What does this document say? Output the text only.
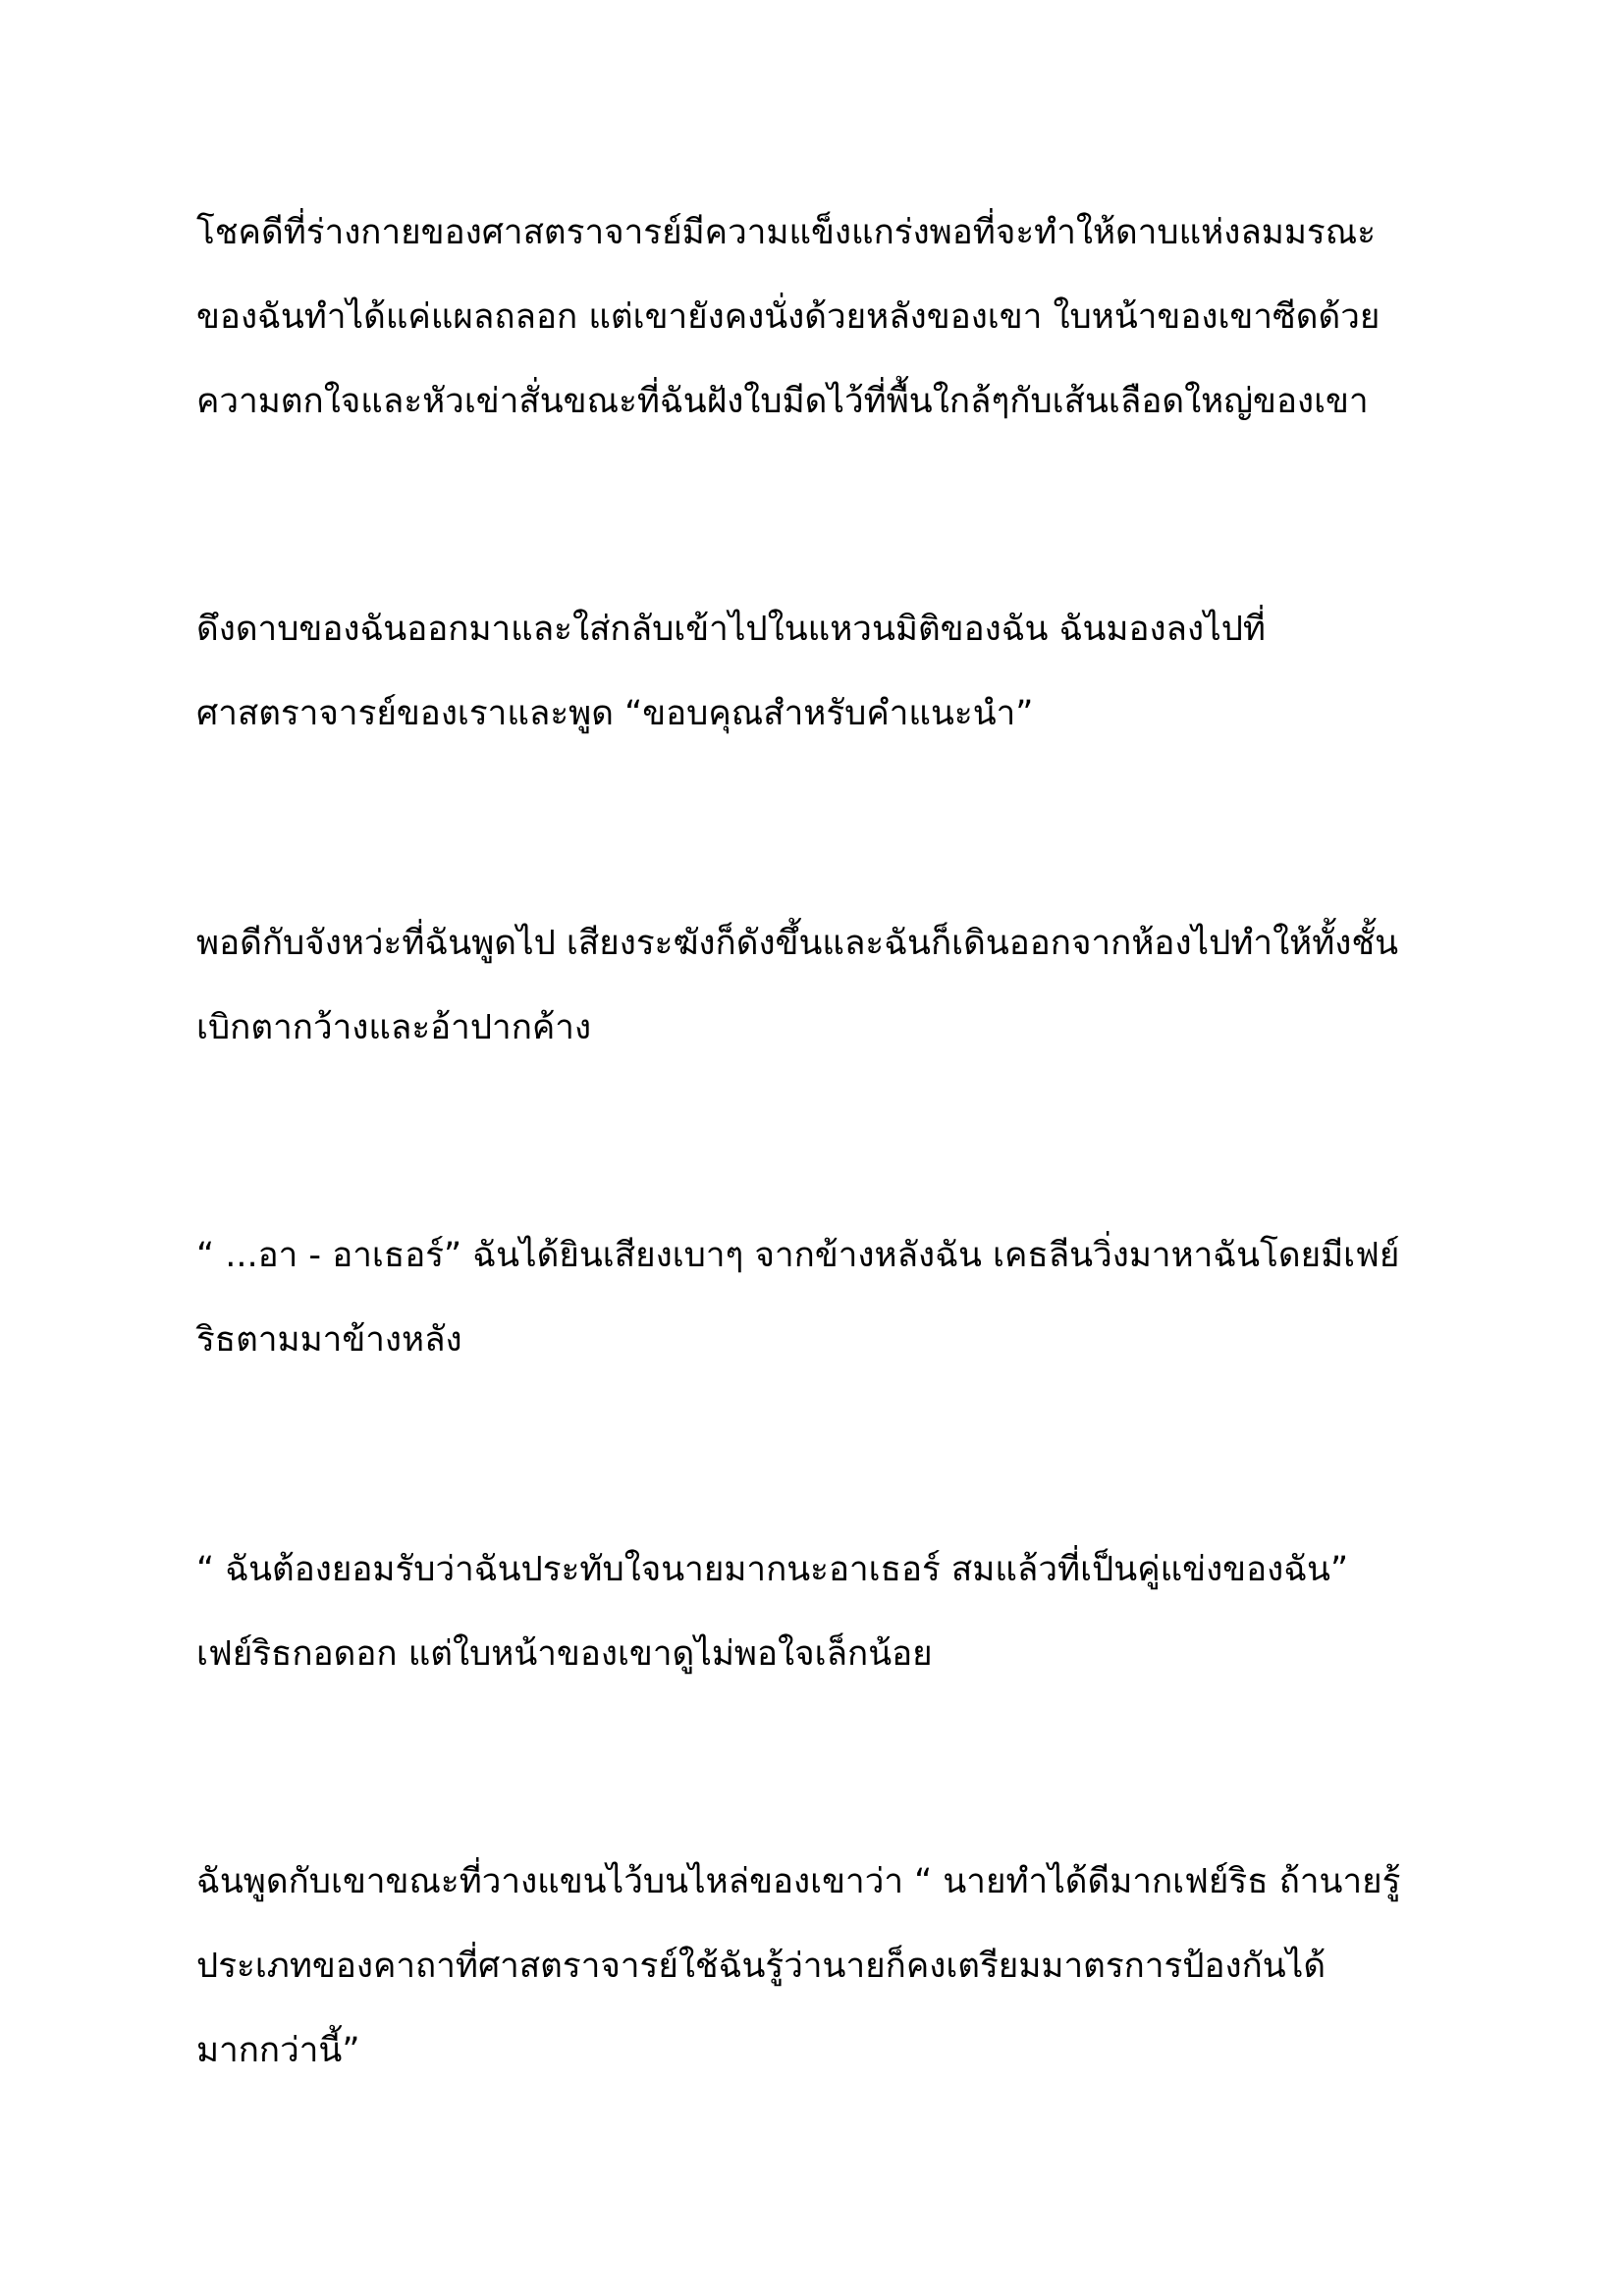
โชคดีที่ร่างกายของศาสตราจารย์มีความแข็งแกร่งพอที่จะทำให้ดาบแห่งลมมรณะ
ของฉันทำได้แค่แผลถลอก แต่เขายังคงนั่งด้วยหลังของเขา ใบหน้าของเขาซีดด้วย
ความตกใจและหัวเข่าสั่นขณะที่ฉันฝังใบมีดไว้ที่พื้นใกล้ๆกับเส้นเลือดใหญ่ของเขา

ดึงดาบของฉันออกมาและใส่กลับเข้าไปในแหวนมิติของฉัน ฉันมองลงไปที่
ศาสตราจารย์ของเราและพูด “ขอบคุณสำหรับคำแนะนำ”

พอดีกับจังหว่ะที่ฉันพูดไป เสียงระฆังก็ดังขึ้นและฉันก็เดินออกจากห้องไปทำให้ทั้งชั้น
เบิกตากว้างและอ้าปากค้าง

“ ...อา - อาเธอร์” ฉันได้ยินเสียงเบาๆ จากข้างหลังฉัน เคธลีนวิ่งมาหาฉันโดยมีเฟย์
ริธตามมาข้างหลัง

“ ฉันต้องยอมรับว่าฉันประทับใจนายมากนะอาเธอร์ สมแล้วที่เป็นคู่แข่งของฉัน”
เฟย์ริธกอดอก แต่ใบหน้าของเขาดูไม่พอใจเล็กน้อย

ฉันพูดกับเขาขณะที่วางแขนไว้บนไหล่ของเขาว่า “ นายทำได้ดีมากเฟย์ริธ ถ้านายรู้
ประเภทของคาถาที่ศาสตราจารย์ใช้ฉันรู้ว่านายก็คงเตรียมมาตรการป้องกันได้
มากกว่านี้”
